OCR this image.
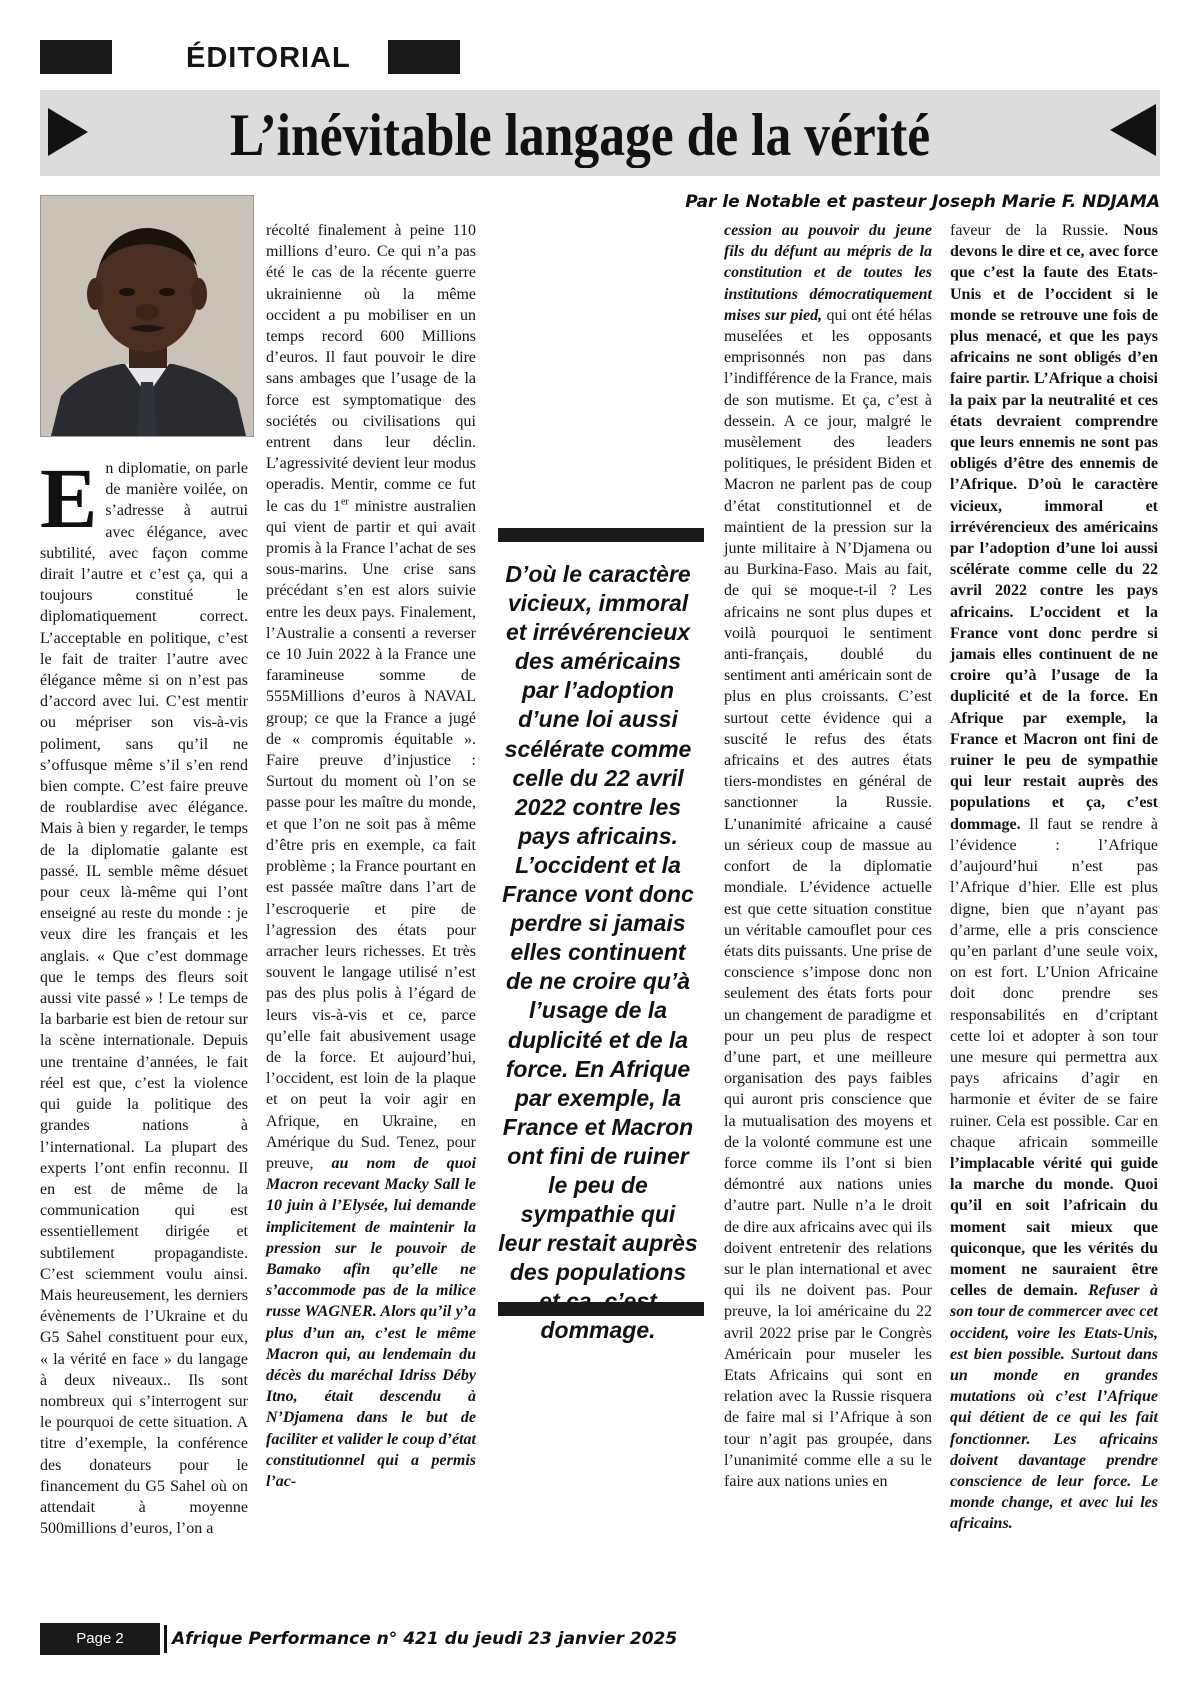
ÉDITORIAL
L’inévitable langage de la vérité
Par le Notable et pasteur Joseph Marie F. NDJAMA
E n diplomatie, on parle de manière voilée, on s’adresse à autrui avec élégance, avec subtilité, avec façon comme dirait l’autre et c’est ça, qui a toujours constitué le diplomatiquement correct. L’acceptable en politique, c’est le fait de traiter l’autre avec élégance même si on n’est pas d’accord avec lui. C’est mentir ou mépriser son vis-à-vis poliment, sans qu’il ne s’offusque même s’il s’en rend bien compte. C’est faire preuve de roublardise avec élégance. Mais à bien y regarder, le temps de la diplomatie galante est passé. IL semble même désuet pour ceux là-même qui l’ont enseigné au reste du monde : je veux dire les français et les anglais. « Que c’est dommage que le temps des fleurs soit aussi vite passé » ! Le temps de la barbarie est bien de retour sur la scène internationale. Depuis une trentaine d’années, le fait réel est que, c’est la violence qui guide la politique des grandes nations à l’international. La plupart des experts l’ont enfin reconnu. Il en est de même de la communication qui est essentiellement dirigée et subtilement propagandiste. C’est sciemment voulu ainsi. Mais heureusement, les derniers évènements de l’Ukraine et du G5 Sahel constituent pour eux, « la vérité en face » du langage à deux niveaux.. Ils sont nombreux qui s’interrogent sur le pourquoi de cette situation. A titre d’exemple, la conférence des donateurs pour le financement du G5 Sahel où on attendait à moyenne 500millions d’euros, l’on a
récolté finalement à peine 110 millions d’euro. Ce qui n’a pas été le cas de la récente guerre ukrainienne où la même occident a pu mobiliser en un temps record 600 Millions d’euros. Il faut pouvoir le dire sans ambages que l’usage de la force est symptomatique des sociétés ou civilisations qui entrent dans leur déclin. L’agressivité devient leur modus operadis. Mentir, comme ce fut le cas du 1er ministre australien qui vient de partir et qui avait promis à la France l’achat de ses sous-marins. Une crise sans précédant s’en est alors suivie entre les deux pays. Finalement, l’Australie a consenti a reverser ce 10 Juin 2022 à la France une faramineuse somme de 555Millions d’euros à NAVAL group; ce que la France a jugé de « compromis équitable ». Faire preuve d’injustice : Surtout du moment où l’on se passe pour les maître du monde, et que l’on ne soit pas à même d’être pris en exemple, ca fait problème ; la France pourtant en est passée maître dans l’art de l’escroquerie et pire de l’agression des états pour arracher leurs richesses. Et très souvent le langage utilisé n’est pas des plus polis à l’égard de leurs vis-à-vis et ce, parce qu’elle fait abusivement usage de la force. Et aujourd’hui, l’occident, est loin de la plaque et on peut la voir agir en Afrique, en Ukraine, en Amérique du Sud. Tenez, pour preuve, au nom de quoi Macron recevant Macky Sall le 10 juin à l’Elysée, lui demande implicitement de maintenir la pression sur le pouvoir de Bamako afin qu’elle ne s’accommode pas de la milice russe WAGNER. Alors qu’il y’a plus d’un an, c’est le même Macron qui, au lendemain du décès du maréchal Idriss Déby Itno, était descendu à N’Djamena dans le but de faciliter et valider le coup d’état constitutionnel qui a permis l’ac-

D’où le caractère vicieux, immoral et irrévérencieux des américains par l’adoption d’une loi aussi scélérate comme celle du 22 avril 2022 contre les pays africains. L’occident et la France vont donc perdre si jamais elles continuent de ne croire qu’à l’usage de la duplicité et de la force. En Afrique par exemple, la France et Macron ont fini de ruiner le peu de sympathie qui leur restait auprès des populations dommage.

cession au pouvoir du jeune fils du défunt au mépris de la constitution et de toutes les institutions démocratiquement mises sur pied, qui ont été hélas muselées et les opposants emprisonnés non pas dans l’indifférence de la France, mais de son mutisme. Et ça, c’est à dessein. A ce jour, malgré le musèlement des leaders politiques, le président Biden et Macron ne parlent pas de coup d’état constitutionnel et de maintient de la pression sur la junte militaire à N’Djamena ou au Burkina-Faso. Mais au fait, de qui se moque-t-il ? Les africains ne sont plus dupes et voilà pourquoi le sentiment anti-français, doublé du sentiment anti américain sont de plus en plus croissants. C’est surtout cette évidence qui a suscité le refus des états africains et des autres états tiers-mondistes en général de sanctionner la Russie. L’unanimité africaine a causé un sérieux coup de massue au confort de la diplomatie mondiale. L’évidence actuelle est que cette situation constitue un véritable camouflet pour ces états dits puissants. Une prise de conscience s’impose donc non seulement des états forts pour un changement de paradigme et pour un peu plus de respect d’une part, et une meilleure organisation des pays faibles qui auront pris conscience que la mutualisation des moyens et de la volonté commune est une force comme ils l’ont si bien démontré aux nations unies d’autre part. Nulle n’a le droit de dire aux africains avec qui ils doivent entretenir des relations sur le plan international et avec qui ils ne doivent pas. Pour preuve, la loi américaine du 22 avril 2022 prise par le Congrès Américain pour museler les Etats Africains qui sont en relation avec la Russie risquera de faire mal si l’Afrique à son tour n’agit pas groupée, dans l’unanimité comme elle a su le faire aux nations unies en
faveur de la Russie. Nous devons le dire et ce, avec force que c’est la faute des Etats-Unis et de l’occident si le monde se retrouve une fois de plus menacé, et que les pays africains ne sont obligés d’en faire partir. L’Afrique a choisi la paix par la neutralité et ces états devraient comprendre que leurs ennemis ne sont pas obligés d’être des ennemis de l’Afrique. D’où le caractère vicieux, immoral et irrévérencieux des américains par l’adoption d’une loi aussi scélérate comme celle du 22 avril 2022 contre les pays africains. L’occident et la France vont donc perdre si jamais elles continuent de ne croire qu’à l’usage de la duplicité et de la force. En Afrique par exemple, la France et Macron ont fini de ruiner le peu de sympathie qui leur restait auprès des populations et ça, c’est dommage. Il faut se rendre à l’évidence : l’Afrique d’aujourd’hui n’est pas l’Afrique d’hier. Elle est plus digne, bien que n’ayant pas d’arme, elle a pris conscience qu’en parlant d’une seule voix, on est fort. L’Union Africaine doit donc prendre ses responsabilités en d’criptant cette loi et adopter à son tour une mesure qui permettra aux pays africains d’agir en harmonie et éviter de se faire ruiner. Cela est possible. Car en chaque africain sommeille l’implacable vérité qui guide la marche du monde. Quoi qu’il en soit l’africain du moment sait mieux que quiconque, que les vérités du moment ne sauraient être celles de demain. Refuser à son tour de commercer avec cet occident, voire les Etats-Unis, est bien possible. Surtout dans un monde en grandes mutations où c’est l’Afrique qui détient de ce qui les fait fonctionner. Les africains doivent davantage prendre conscience de leur force. Le monde change, et avec lui les africains.
Page 2	Afrique Performance n° 421 du jeudi 23 janvier 2025
